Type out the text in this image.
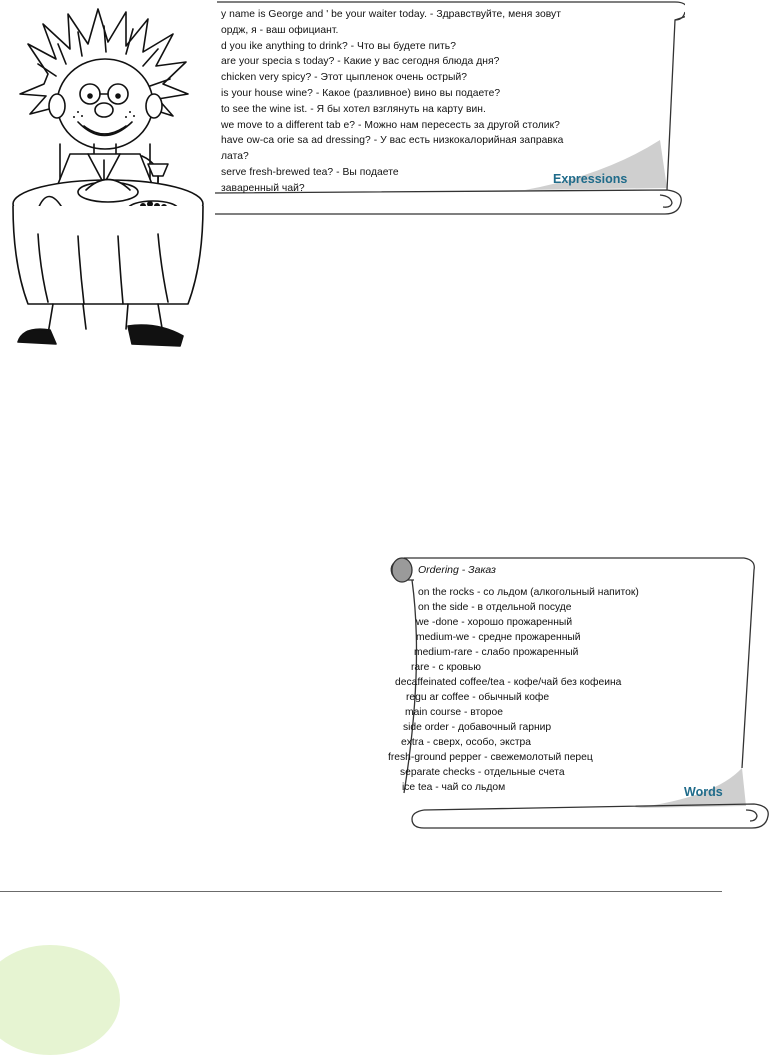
y name is George and ' be your waiter today. - Здравствуйте, меня зовут
ордж, я - ваш официант.
d you ike anything to drink? - Что вы будете пить?
are your specia s today? - Какие у вас сегодня блюда дня?
chicken very spicy? - Этот цыпленок очень острый?
is your house wine? - Какое (разливное) вино вы подаете?
to see the wine ist. - Я бы хотел взглянуть на карту вин.
we move to a different tab e? - Можно нам пересесть за другой столик?
have ow-ca orie sa ad dressing? - У вас есть низкокалорийная заправка
лата?
serve fresh-brewed tea? - Вы подаете
заваренный чай?
Expressions
Ordering - Заказ
on the rocks - со льдом (алкогольный напиток)
on the side - в отдельной посуде
we -done - хорошо прожаренный
medium-we - средне прожаренный
medium-rare - слабо прожаренный
rare - с кровью
decaffeinated coffee/tea - кофе/чай без кофеина
regu ar coffee - обычный кофе
main course - второе
side order - добавочный гарнир
extra - сверх, особо, экстра
fresh-ground pepper - свежемолотый перец
separate checks - отдельные счета
ice tea - чай со льдом	Words
